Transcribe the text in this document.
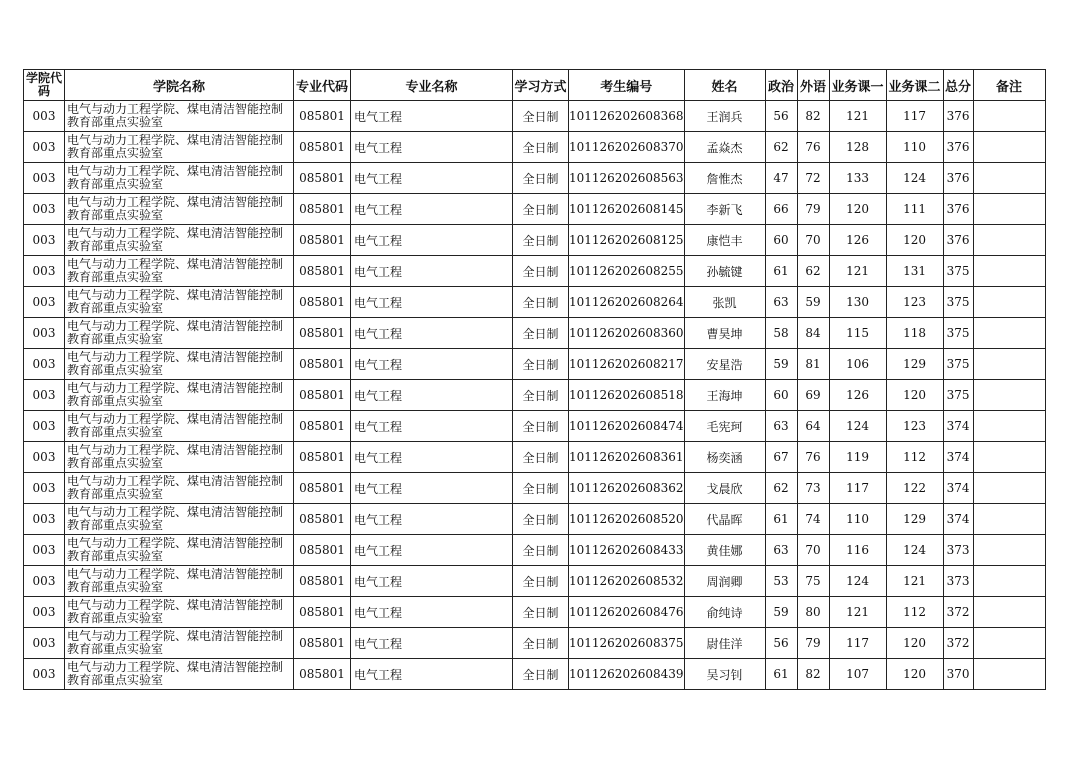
学院代码	学院名称	专业代码	专业名称	学习方式	考生编号	姓名	政治	外语	业务课一	业务课二	总分	备注
003	电气与动力工程学院、煤电清洁智能控制教育部重点实验室	085801	电气工程	全日制	101126202608368	王润兵	56	82	121	117	376	
003	电气与动力工程学院、煤电清洁智能控制教育部重点实验室	085801	电气工程	全日制	101126202608370	孟焱杰	62	76	128	110	376	
003	电气与动力工程学院、煤电清洁智能控制教育部重点实验室	085801	电气工程	全日制	101126202608563	詹惟杰	47	72	133	124	376	
003	电气与动力工程学院、煤电清洁智能控制教育部重点实验室	085801	电气工程	全日制	101126202608145	李新飞	66	79	120	111	376	
003	电气与动力工程学院、煤电清洁智能控制教育部重点实验室	085801	电气工程	全日制	101126202608125	康恺丰	60	70	126	120	376	
003	电气与动力工程学院、煤电清洁智能控制教育部重点实验室	085801	电气工程	全日制	101126202608255	孙毓键	61	62	121	131	375	
003	电气与动力工程学院、煤电清洁智能控制教育部重点实验室	085801	电气工程	全日制	101126202608264	张凯	63	59	130	123	375	
003	电气与动力工程学院、煤电清洁智能控制教育部重点实验室	085801	电气工程	全日制	101126202608360	曹昊坤	58	84	115	118	375	
003	电气与动力工程学院、煤电清洁智能控制教育部重点实验室	085801	电气工程	全日制	101126202608217	安星浩	59	81	106	129	375	
003	电气与动力工程学院、煤电清洁智能控制教育部重点实验室	085801	电气工程	全日制	101126202608518	王海坤	60	69	126	120	375	
003	电气与动力工程学院、煤电清洁智能控制教育部重点实验室	085801	电气工程	全日制	101126202608474	毛宪珂	63	64	124	123	374	
003	电气与动力工程学院、煤电清洁智能控制教育部重点实验室	085801	电气工程	全日制	101126202608361	杨奕涵	67	76	119	112	374	
003	电气与动力工程学院、煤电清洁智能控制教育部重点实验室	085801	电气工程	全日制	101126202608362	戈晨欣	62	73	117	122	374	
003	电气与动力工程学院、煤电清洁智能控制教育部重点实验室	085801	电气工程	全日制	101126202608520	代晶晖	61	74	110	129	374	
003	电气与动力工程学院、煤电清洁智能控制教育部重点实验室	085801	电气工程	全日制	101126202608433	黄佳娜	63	70	116	124	373	
003	电气与动力工程学院、煤电清洁智能控制教育部重点实验室	085801	电气工程	全日制	101126202608532	周润卿	53	75	124	121	373	
003	电气与动力工程学院、煤电清洁智能控制教育部重点实验室	085801	电气工程	全日制	101126202608476	俞纯诗	59	80	121	112	372	
003	电气与动力工程学院、煤电清洁智能控制教育部重点实验室	085801	电气工程	全日制	101126202608375	尉佳洋	56	79	117	120	372	
003	电气与动力工程学院、煤电清洁智能控制教育部重点实验室	085801	电气工程	全日制	101126202608439	吴习钊	61	82	107	120	370	
